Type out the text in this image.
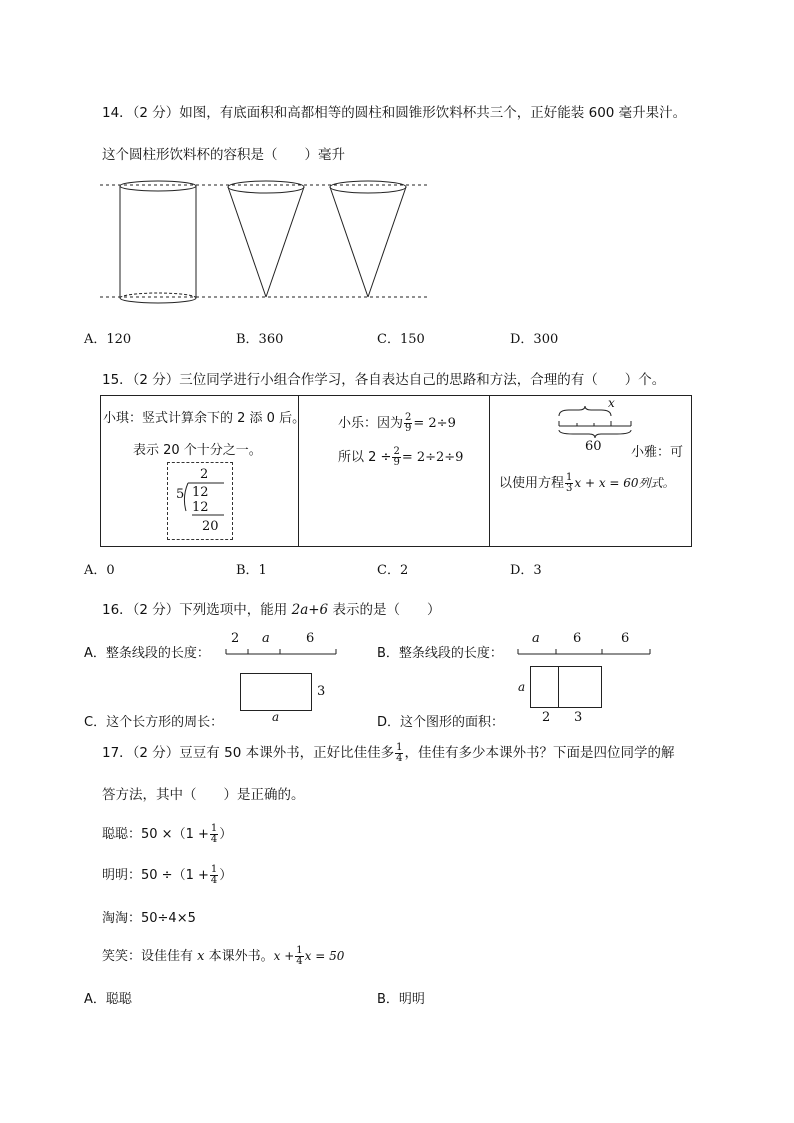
14．（2 分）如图，有底面积和高都相等的圆柱和圆锥形饮料杯共三个，正好能装 600 毫升果汁。
这个圆柱形饮料杯的容积是（　　）毫升
A．120	B．360	C．150	D．300
15．（2 分）三位同学进行小组合作学习，各自表达自己的思路和方法，合理的有（　　）个。
小琪：竖式计算余下的 2 添 0 后。
表示 20 个十分之一。
2
5 12
12
20
小乐：因为 $\frac{2}{9} = 2\div 9$
所以 $2 \div \frac{2}{9} = 2\div 2\div 9$
x
60 小雅：可
以使用方程 $\frac{1}{3}$ x + x = 60列式。
A．0	B．1	C．2	D．3
16．（2 分）下列选项中，能用 2a+6 表示的是（　　）
A．整条线段的长度：
2 a	6
B．整条线段的长度：
a	6	6
3
a
C．这个长方形的周长：
a
2 3
D．这个图形的面积：
17．（2 分）豆豆有 50 本课外书，正好比佳佳多 $\frac{1}{4}$ ，佳佳有多少本课外书？下面是四位同学的解
答方法，其中（　　）是正确的。
聪聪：$50 \times(1 + \frac{1}{4}$ ）
明明：$50 \div(1 + \frac{1}{4}$ ）
淘淘：50÷4×5
笑笑：设佳佳有 x 本课外书。$x + \frac{1}{4}$ x = 50
A．聪聪	B．明明
